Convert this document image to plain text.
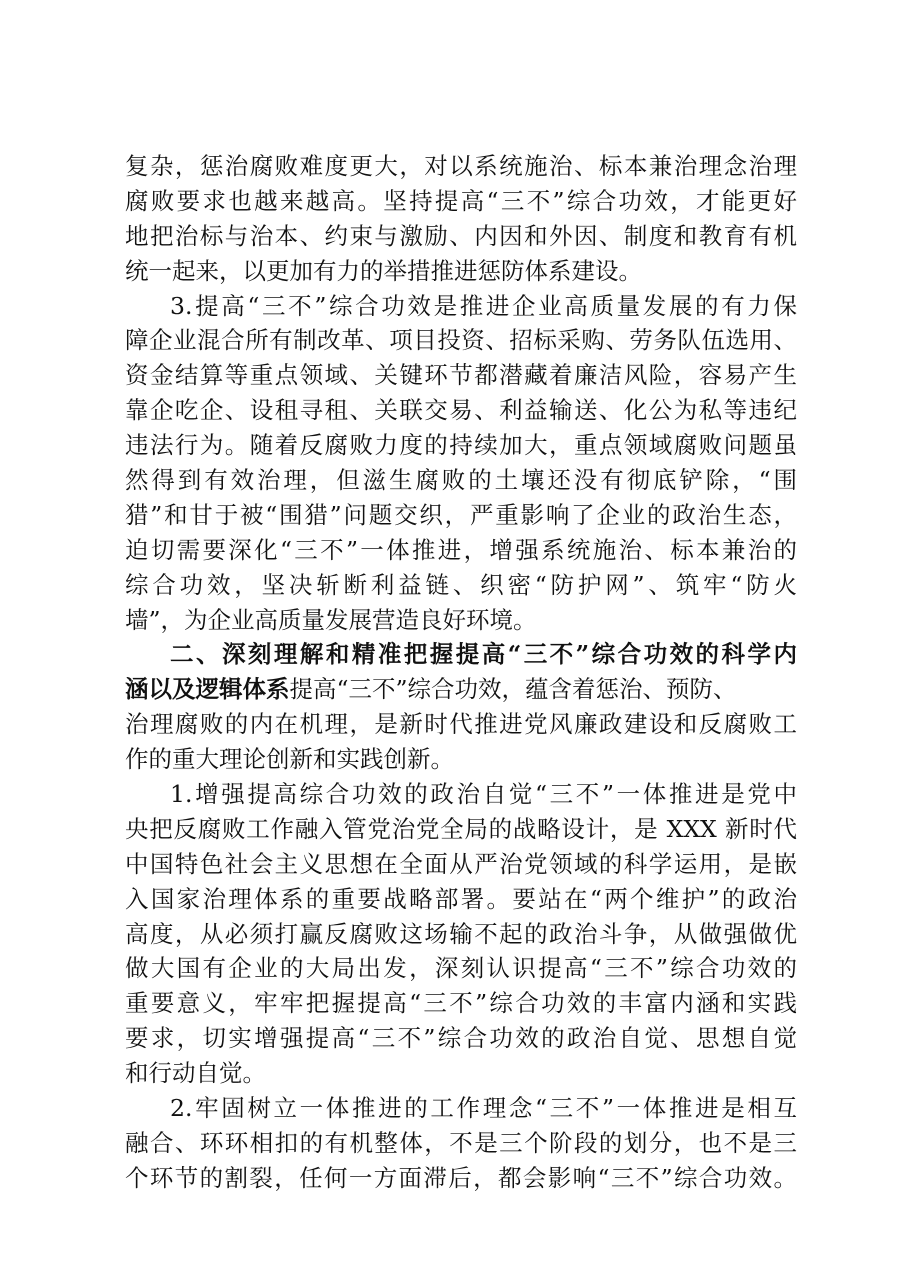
复杂，惩治腐败难度更大，对以系统施治、标本兼治理念治理
腐败要求也越来越高。坚持提高“三不”综合功效，才能更好
地把治标与治本、约束与激励、内因和外因、制度和教育有机
统一起来，以更加有力的举措推进惩防体系建设。
3.提高“三不”综合功效是推进企业高质量发展的有力保
障企业混合所有制改革、项目投资、招标采购、劳务队伍选用、
资金结算等重点领域、关键环节都潜藏着廉洁风险，容易产生
靠企吃企、设租寻租、关联交易、利益输送、化公为私等违纪
违法行为。随着反腐败力度的持续加大，重点领域腐败问题虽
然得到有效治理，但滋生腐败的土壤还没有彻底铲除，“围
猎”和甘于被“围猎”问题交织，严重影响了企业的政治生态，
迫切需要深化“三不”一体推进，增强系统施治、标本兼治的
综合功效，坚决斩断利益链、织密“防护网”、筑牢“防火
墙”，为企业高质量发展营造良好环境。
二、深刻理解和精准把握提高“三不”综合功效的科学内
涵以及逻辑体系提高“三不”综合功效，蕴含着惩治、预防、
治理腐败的内在机理，是新时代推进党风廉政建设和反腐败工
作的重大理论创新和实践创新。
1.增强提高综合功效的政治自觉“三不”一体推进是党中
央把反腐败工作融入管党治党全局的战略设计，是 XXX 新时代
中国特色社会主义思想在全面从严治党领域的科学运用，是嵌
入国家治理体系的重要战略部署。要站在“两个维护”的政治
高度，从必须打赢反腐败这场输不起的政治斗争，从做强做优
做大国有企业的大局出发，深刻认识提高“三不”综合功效的
重要意义，牢牢把握提高“三不”综合功效的丰富内涵和实践
要求，切实增强提高“三不”综合功效的政治自觉、思想自觉
和行动自觉。
2.牢固树立一体推进的工作理念“三不”一体推进是相互
融合、环环相扣的有机整体，不是三个阶段的划分，也不是三
个环节的割裂，任何一方面滞后，都会影响“三不”综合功效。
